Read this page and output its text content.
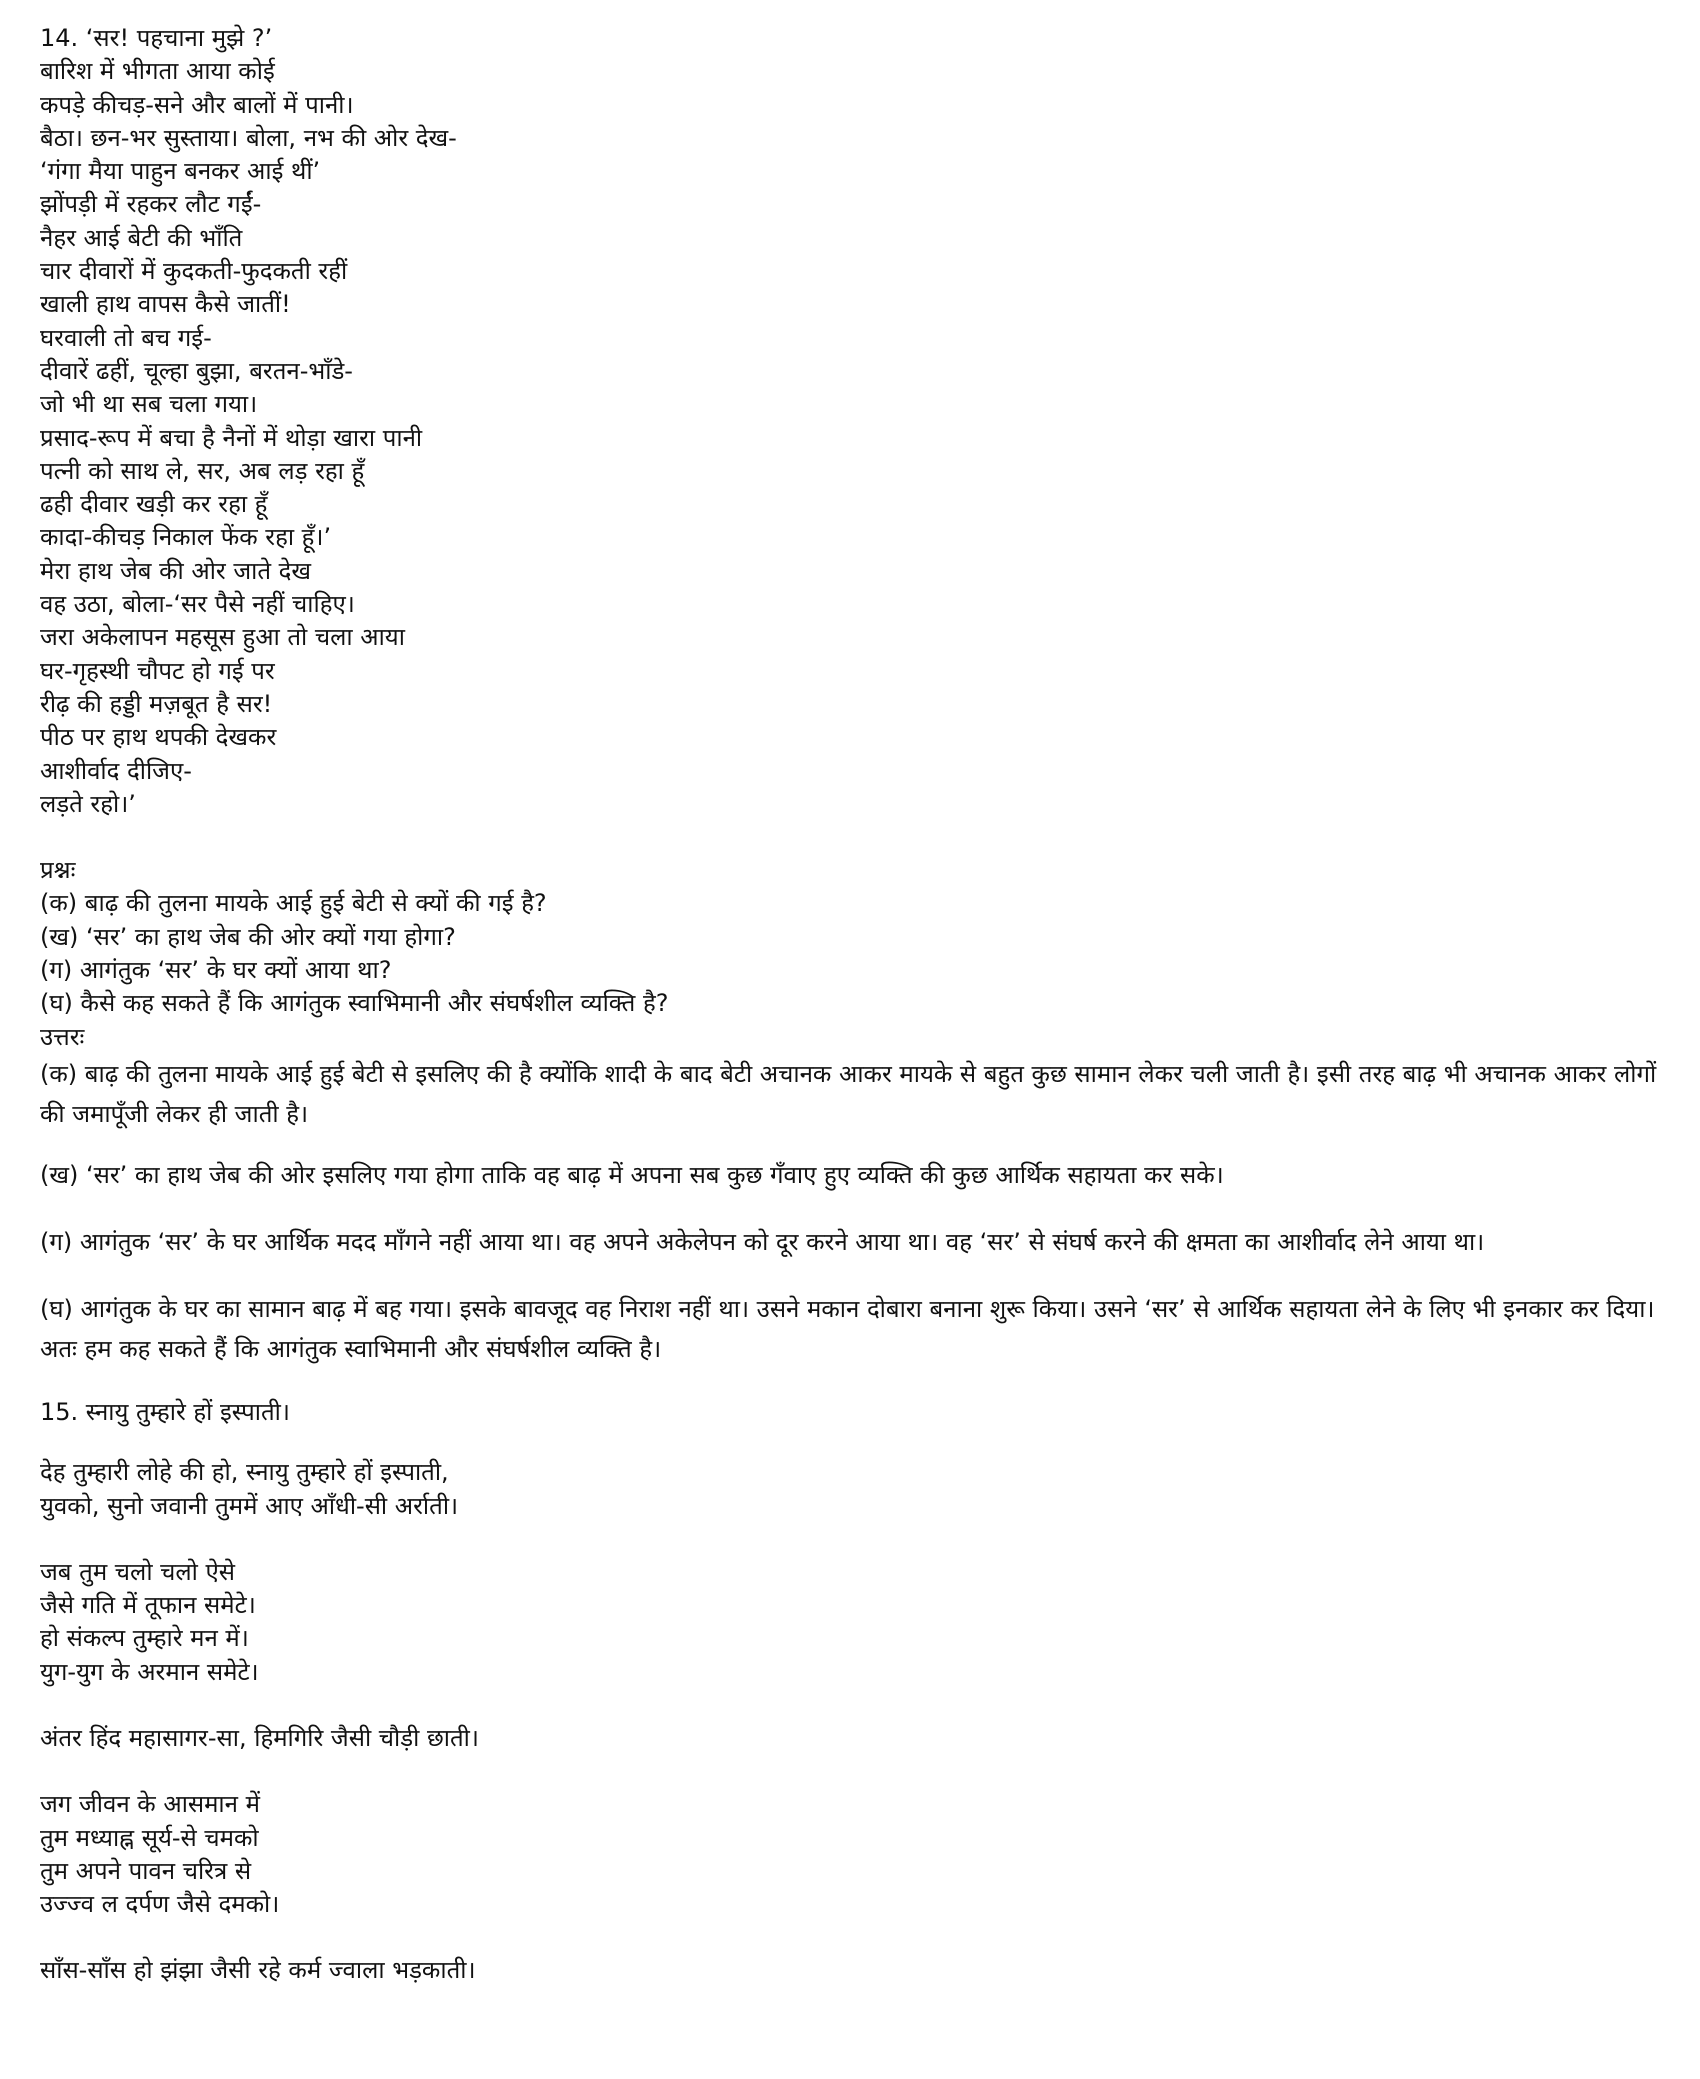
14. ‘सर! पहचाना मुझे ?’
बारिश में भीगता आया कोई
कपड़े कीचड़-सने और बालों में पानी।
बैठा। छन-भर सुस्ताया। बोला, नभ की ओर देख-
‘गंगा मैया पाहुन बनकर आई थीं’
झोंपड़ी में रहकर लौट गईं-
नैहर आई बेटी की भाँति
चार दीवारों में कुदकती-फुदकती रहीं
खाली हाथ वापस कैसे जातीं!
घरवाली तो बच गई-
दीवारें ढहीं, चूल्हा बुझा, बरतन-भाँडे-
जो भी था सब चला गया।
प्रसाद-रूप में बचा है नैनों में थोड़ा खारा पानी
पत्नी को साथ ले, सर, अब लड़ रहा हूँ
ढही दीवार खड़ी कर रहा हूँ
कादा-कीचड़ निकाल फेंक रहा हूँ।’
मेरा हाथ जेब की ओर जाते देख
वह उठा, बोला-‘सर पैसे नहीं चाहिए।
जरा अकेलापन महसूस हुआ तो चला आया
घर-गृहस्थी चौपट हो गई पर
रीढ़ की हड्डी मज़बूत है सर!
पीठ पर हाथ थपकी देखकर
आशीर्वाद दीजिए-
लड़ते रहो।’
प्रश्नः
(क) बाढ़ की तुलना मायके आई हुई बेटी से क्यों की गई है?
(ख) ‘सर’ का हाथ जेब की ओर क्यों गया होगा?
(ग) आगंतुक ‘सर’ के घर क्यों आया था?
(घ) कैसे कह सकते हैं कि आगंतुक स्वाभिमानी और संघर्षशील व्यक्ति है?
उत्तरः
(क) बाढ़ की तुलना मायके आई हुई बेटी से इसलिए की है क्योंकि शादी के बाद बेटी अचानक आकर मायके से बहुत कुछ सामान लेकर चली जाती है। इसी तरह बाढ़ भी अचानक आकर लोगों की जमापूँजी लेकर ही जाती है।
(ख) ‘सर’ का हाथ जेब की ओर इसलिए गया होगा ताकि वह बाढ़ में अपना सब कुछ गँवाए हुए व्यक्ति की कुछ आर्थिक सहायता कर सके।
(ग) आगंतुक ‘सर’ के घर आर्थिक मदद माँगने नहीं आया था। वह अपने अकेलेपन को दूर करने आया था। वह ‘सर’ से संघर्ष करने की क्षमता का आशीर्वाद लेने आया था।
(घ) आगंतुक के घर का सामान बाढ़ में बह गया। इसके बावजूद वह निराश नहीं था। उसने मकान दोबारा बनाना शुरू किया। उसने ‘सर’ से आर्थिक सहायता लेने के लिए भी इनकार कर दिया। अतः हम कह सकते हैं कि आगंतुक स्वाभिमानी और संघर्षशील व्यक्ति है।
15. स्नायु तुम्हारे हों इस्पाती।
देह तुम्हारी लोहे की हो, स्नायु तुम्हारे हों इस्पाती,
युवको, सुनो जवानी तुममें आए आँधी-सी अर्राती।
जब तुम चलो चलो ऐसे
जैसे गति में तूफान समेटे।
हो संकल्प तुम्हारे मन में।
युग-युग के अरमान समेटे।
अंतर हिंद महासागर-सा, हिमगिरि जैसी चौड़ी छाती।
जग जीवन के आसमान में
तुम मध्याह्न सूर्य-से चमको
तुम अपने पावन चरित्र से
उज्ज्व ल दर्पण जैसे दमको।
साँस-साँस हो झंझा जैसी रहे कर्म ज्वाला भड़काती।
